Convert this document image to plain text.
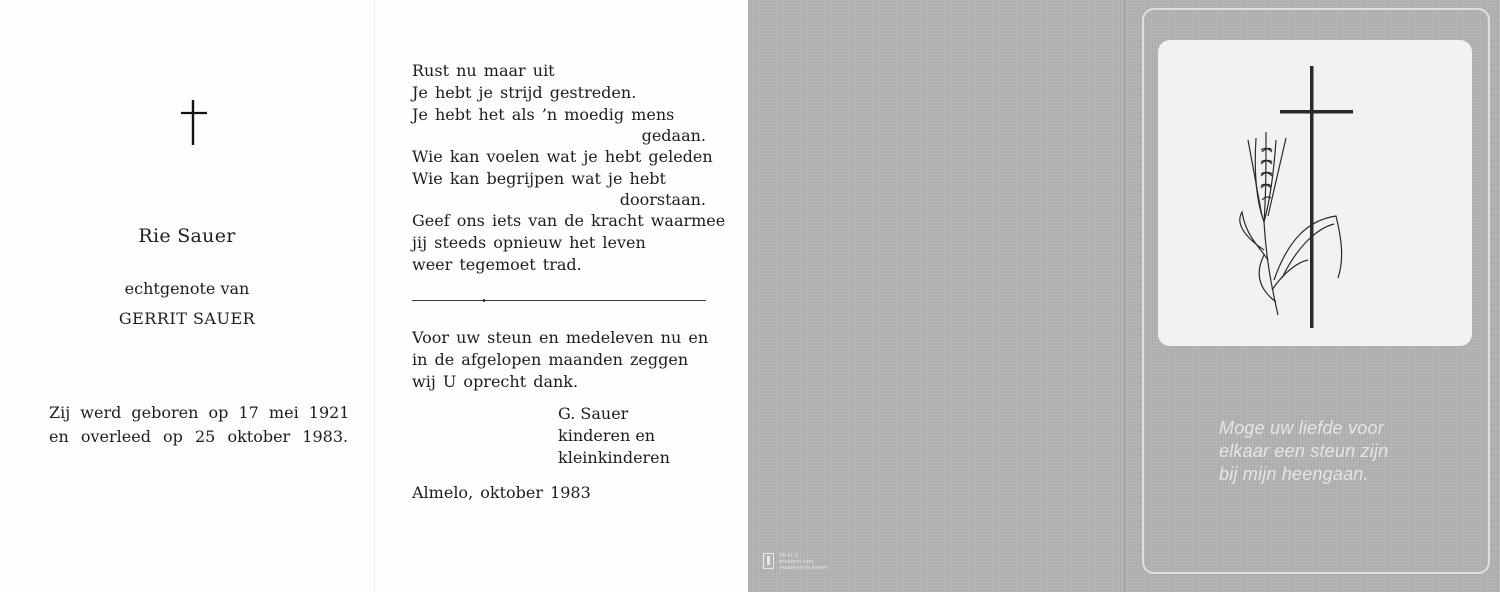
Rie Sauer
echtgenote van
GERRIT SAUER
Zij werd geboren op 17 mei 1921
en overleed op 25 oktober 1983.
Rust nu maar uit
Je hebt je strijd gestreden.
Je hebt het als ’n moedig mens
gedaan.
Wie kan voelen wat je hebt geleden
Wie kan begrijpen wat je hebt
doorstaan.
Geef ons iets van de kracht waarmee
jij steeds opnieuw het leven
weer tegemoet trad.
Voor uw steun en medeleven nu en
in de afgelopen maanden zeggen
wij U oprecht dank.
G. Sauer
kinderen en
kleinkinderen
Almelo, oktober 1983
58.41.3
drukkerij voor
smaakvol drukwerk
Moge uw liefde voor
elkaar een steun zijn
bij mijn heengaan.
